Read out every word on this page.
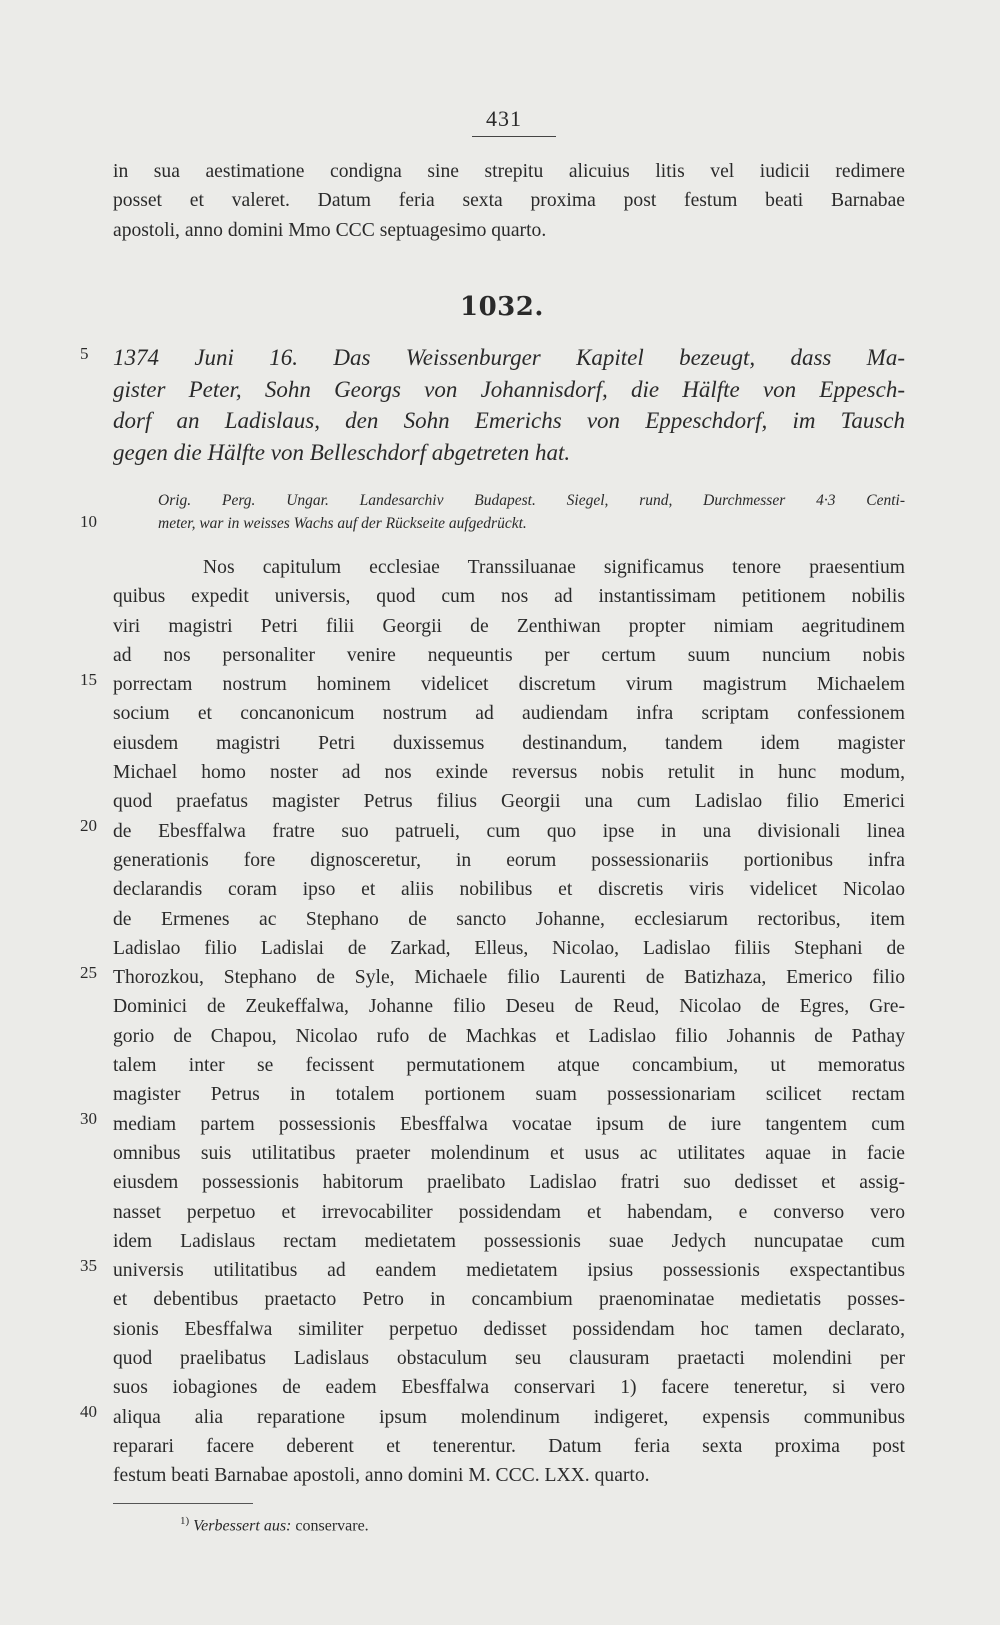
431
in sua aestimatione condigna sine strepitu alicuius litis vel iudicii redimere
posset et valeret. Datum feria sexta proxima post festum beati Barnabae
apostoli, anno domini Mmo CCC septuagesimo quarto.
1032.
1374 Juni 16. Das Weissenburger Kapitel bezeugt, dass Ma-
gister Peter, Sohn Georgs von Johannisdorf, die Hälfte von Eppesch-
dorf an Ladislaus, den Sohn Emerichs von Eppeschdorf, im Tausch
gegen die Hälfte von Belleschdorf abgetreten hat.
Orig. Perg. Ungar. Landesarchiv Budapest. Siegel, rund, Durchmesser 4·3 Centi-
meter, war in weisses Wachs auf der Rückseite aufgedrückt.
Nos capitulum ecclesiae Transsiluanae significamus tenore praesentium
quibus expedit universis, quod cum nos ad instantissimam petitionem nobilis
viri magistri Petri filii Georgii de Zenthiwan propter nimiam aegritudinem
ad nos personaliter venire nequeuntis per certum suum nuncium nobis
porrectam nostrum hominem videlicet discretum virum magistrum Michaelem
socium et concanonicum nostrum ad audiendam infra scriptam confessionem
eiusdem magistri Petri duxissemus destinandum, tandem idem magister
Michael homo noster ad nos exinde reversus nobis retulit in hunc modum,
quod praefatus magister Petrus filius Georgii una cum Ladislao filio Emerici
de Ebesffalwa fratre suo patrueli, cum quo ipse in una divisionali linea
generationis fore dignosceretur, in eorum possessionariis portionibus infra
declarandis coram ipso et aliis nobilibus et discretis viris videlicet Nicolao
de Ermenes ac Stephano de sancto Johanne, ecclesiarum rectoribus, item
Ladislao filio Ladislai de Zarkad, Elleus, Nicolao, Ladislao filiis Stephani de
Thorozkou, Stephano de Syle, Michaele filio Laurenti de Batizhaza, Emerico filio
Dominici de Zeukeffalwa, Johanne filio Deseu de Reud, Nicolao de Egres, Gre-
gorio de Chapou, Nicolao rufo de Machkas et Ladislao filio Johannis de Pathay
talem inter se fecissent permutationem atque concambium, ut memoratus
magister Petrus in totalem portionem suam possessionariam scilicet rectam
mediam partem possessionis Ebesffalwa vocatae ipsum de iure tangentem cum
omnibus suis utilitatibus praeter molendinum et usus ac utilitates aquae in facie
eiusdem possessionis habitorum praelibato Ladislao fratri suo dedisset et assig-
nasset perpetuo et irrevocabiliter possidendam et habendam, e converso vero
idem Ladislaus rectam medietatem possessionis suae Jedych nuncupatae cum
universis utilitatibus ad eandem medietatem ipsius possessionis exspectantibus
et debentibus praetacto Petro in concambium praenominatae medietatis posses-
sionis Ebesffalwa similiter perpetuo dedisset possidendam hoc tamen declarato,
quod praelibatus Ladislaus obstaculum seu clausuram praetacti molendini per
suos iobagiones de eadem Ebesffalwa conservari 1) facere teneretur, si vero
aliqua alia reparatione ipsum molendinum indigeret, expensis communibus
reparari facere deberent et tenerentur. Datum feria sexta proxima post
festum beati Barnabae apostoli, anno domini M. CCC. LXX. quarto.
5
10
15
20
25
30
35
40
$^{1)}$ Verbessert aus: conservare.
